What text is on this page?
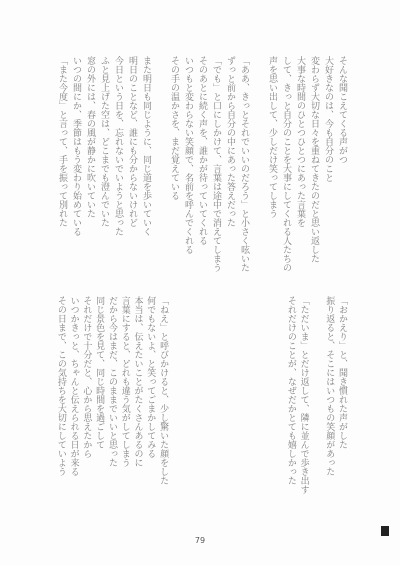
そんな聞こえてくる声がつ
大好きなのは、今も自分のこと
変わらず大切な日々を重ねてきたのだと思い返した
大事な時間のひとつひとつにあった言葉を
して、きっと自分のことを大事にしてくれる人たちの
声を思い出して、少しだけ笑ってしまう
「ああ、きっとそれでいいのだろう」と小さく呟いた
ずっと前から自分の中にあった答えだった
「でも」と口にしかけて、言葉は途中で消えてしまう
そのあとに続く声を、誰かが待っていてくれる
いつもと変わらない笑顔で、名前を呼んでくれる
その手の温かさを、まだ覚えている
また明日も同じように、同じ道を歩いていく
明日のことなど、誰にも分からないけれど
今日という日を、忘れないでいようと思った
ふと見上げた空は、どこまでも澄んでいた
窓の外には、春の風が静かに吹いていた
いつの間にか、季節はもう変わり始めている
「また今度」と言って、手を振って別れた
「おかえり」と、聞き慣れた声がした
振り返ると、そこにはいつもの笑顔があった
「ただいま」とだけ返して、隣に並んで歩き出す
それだけのことが、なぜだかとても嬉しかった
「ねえ」と呼びかけると、少し驚いた顔をした
何でもないよ、と笑ってごまかしてみる
本当は、伝えたいことがたくさんあるのに
言葉にすると、どれも違う気がしてしまう
だから今はまだ、このままでいいと思った
同じ景色を見て、同じ時間を過ごして
それだけで十分だと、心から思えたから
いつかきっと、ちゃんと伝えられる日が来る
その日まで、この気持ちを大切にしていよう
79
